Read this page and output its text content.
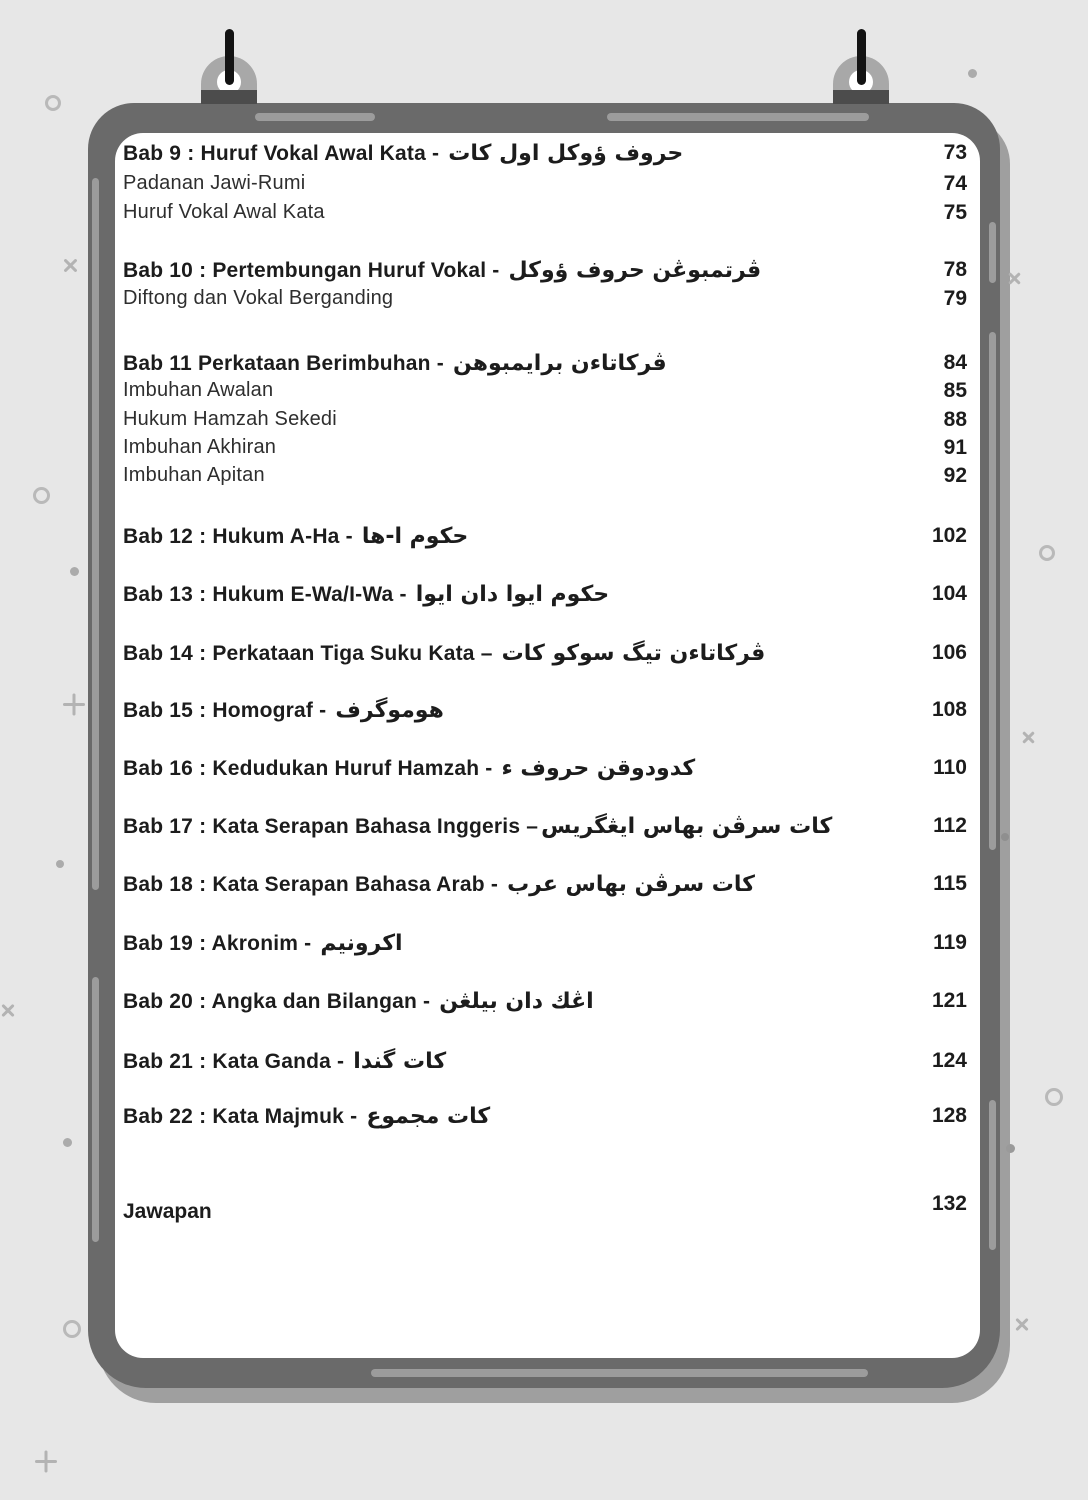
Bab 9 : Huruf Vokal Awal Kata - حروف ؤوكل اول كات	73
Padanan Jawi-Rumi	74
Huruf Vokal Awal Kata	75
Bab 10 : Pertembungan Huruf Vokal - ڤرتمبوڠن حروف ؤوكل	78
Diftong dan Vokal Berganding	79
Bab 11 Perkataan Berimbuhan - ڤركاتاءن برايمبوهن	84
Imbuhan Awalan	85
Hukum Hamzah Sekedi	88
Imbuhan Akhiran	91
Imbuhan Apitan	92
Bab 12 : Hukum A-Ha - حكوم ا-ها	102
Bab 13 : Hukum E-Wa/I-Wa - حكوم ايوا دان ايوا	104
Bab 14 : Perkataan Tiga Suku Kata – ڤركاتاءن تيگ سوكو كات	106
Bab 15 : Homograf - هوموگرف	108
Bab 16 : Kedudukan Huruf Hamzah - كدودوقن حروف ء	110
Bab 17 : Kata Serapan Bahasa Inggeris – كات سرڤن بهاس ايڠگريس	112
Bab 18 : Kata Serapan Bahasa Arab - كات سرڤن بهاس عرب	115
Bab 19 : Akronim - اكرونيم	119
Bab 20 : Angka dan Bilangan - اڠك دان بيلڠن	121
Bab 21 : Kata Ganda - كات گندا	124
Bab 22 : Kata Majmuk - كات مجموع	128
Jawapan	132
